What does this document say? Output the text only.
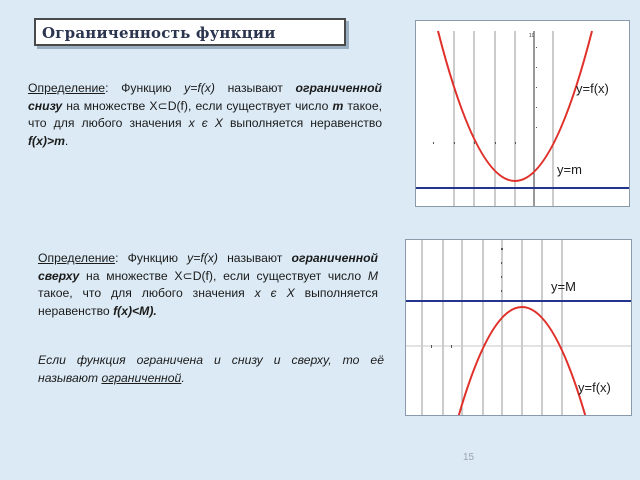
Ограниченность функции
Определение: Функцию y=f(x) называют ограниченной снизу на множестве X⊂D(f), если существует число m такое, что для любого значения x є X выполняется неравенство f(x)>m.
Определение: Функцию y=f(x) называют ограниченной сверху на множестве X⊂D(f), если существует число M такое, что для любого значения x є X выполняется неравенство f(x)<M).
Если функция ограничена и снизу и сверху, то её называют ограниченной.
10
y=f(x)
y=m
y=M
y=f(x)
15
